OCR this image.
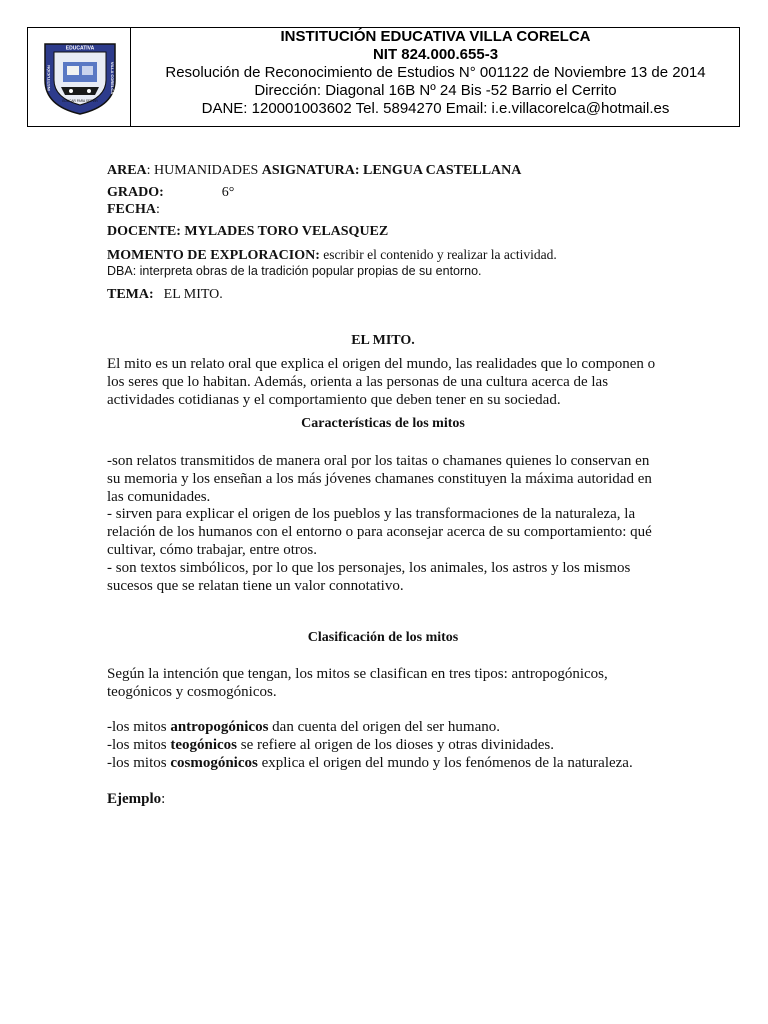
EDUCATIVA
INSTITUCIÓN	VILLA CORELCA
EDUCAR PARA SERVIR
INSTITUCIÓN EDUCATIVA VILLA CORELCA
NIT 824.000.655-3
Resolución de Reconocimiento de Estudios N° 001122 de Noviembre 13 de 2014
Dirección: Diagonal 16B Nº 24 Bis -52 Barrio el Cerrito
DANE: 120001003602 Tel. 5894270 Email: i.e.villacorelca@hotmail.es
AREA: HUMANIDADES ASIGNATURA: LENGUA CASTELLANA
GRADO:	6°
FECHA:
DOCENTE: MYLADES TORO VELASQUEZ
MOMENTO DE EXPLORACION: escribir el contenido y realizar la actividad.
DBA: interpreta obras de la tradición popular propias de su entorno.
TEMA: EL MITO.
EL MITO.
El mito es un relato oral que explica el origen del mundo, las realidades que lo componen o los seres que lo habitan. Además, orienta a las personas de una cultura acerca de las actividades cotidianas y el comportamiento que deben tener en su sociedad.
Características de los mitos
-son relatos transmitidos de manera oral por los taitas o chamanes quienes lo conservan en su memoria y los enseñan a los más jóvenes chamanes constituyen la máxima autoridad en las comunidades.
- sirven para explicar el origen de los pueblos y las transformaciones de la naturaleza, la relación de los humanos con el entorno o para aconsejar acerca de su comportamiento: qué cultivar, cómo trabajar, entre otros.
- son textos simbólicos, por lo que los personajes, los animales, los astros y los mismos sucesos que se relatan tiene un valor connotativo.
Clasificación de los mitos
Según la intención que tengan, los mitos se clasifican en tres tipos: antropogónicos, teogónicos y cosmogónicos.
-los mitos antropogónicos dan cuenta del origen del ser humano.
-los mitos teogónicos se refiere al origen de los dioses y otras divinidades.
-los mitos cosmogónicos explica el origen del mundo y los fenómenos de la naturaleza.
Ejemplo:
